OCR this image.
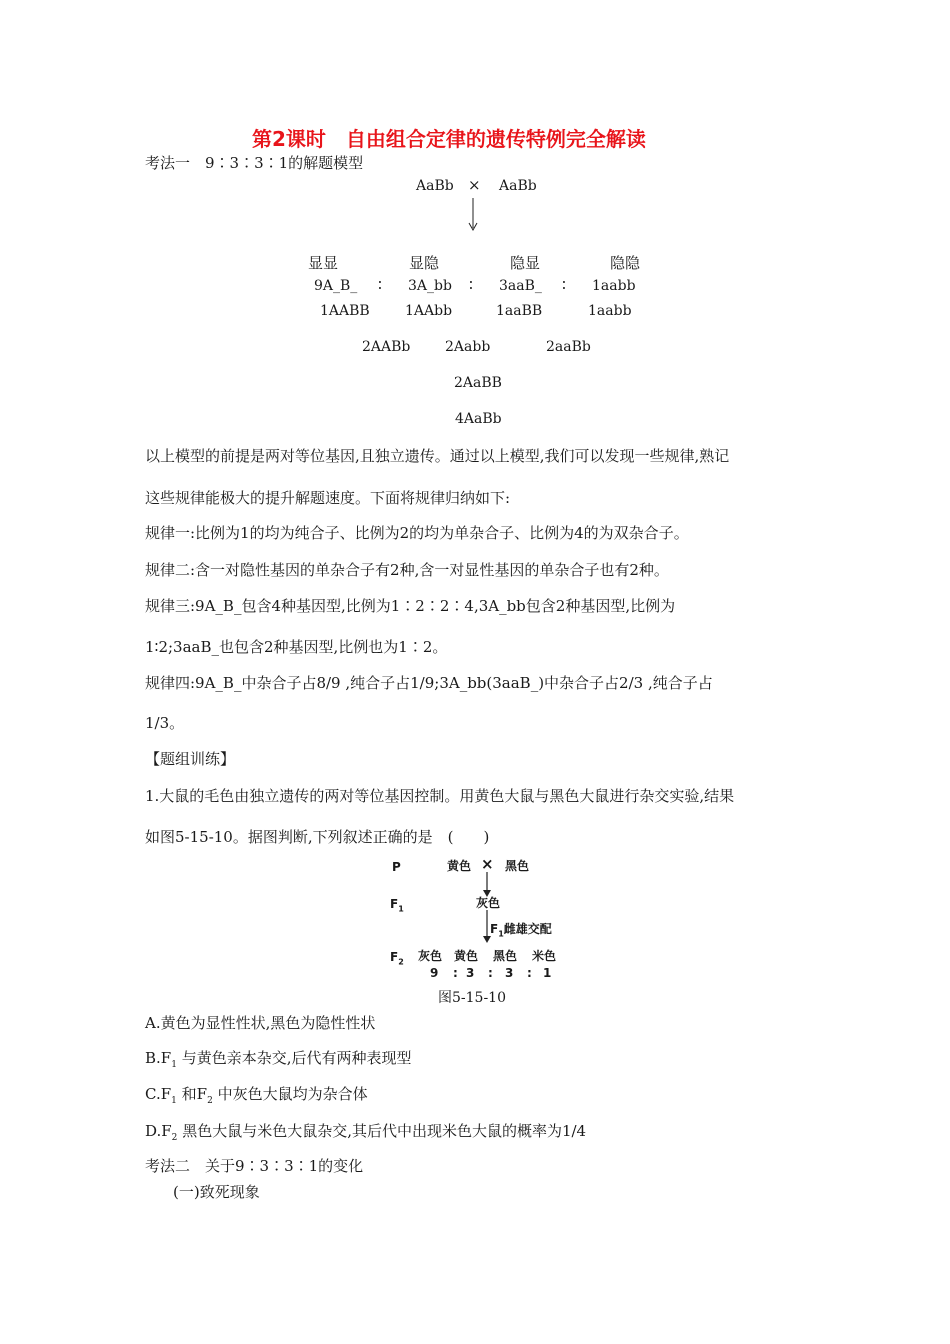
第2课时　自由组合定律的遗传特例完全解读
考法一　9∶3∶3∶1的解题模型
AaBb × AaBb
显显	显隐	隐显	隐隐
9A_B_ ∶ 3A_bb ∶ 3aaB_ ∶ 1aabb
1AABB	1AAbb	1aaBB	1aabb
2AABb 2Aabb	2aaBb
2AaBB
4AaBb
以上模型的前提是两对等位基因,且独立遗传。通过以上模型,我们可以发现一些规律,熟记
这些规律能极大的提升解题速度。下面将规律归纳如下:
规律一:比例为1的均为纯合子、比例为2的均为单杂合子、比例为4的为双杂合子。
规律二:含一对隐性基因的单杂合子有2种,含一对显性基因的单杂合子也有2种。
规律三:9A_B_包含4种基因型,比例为1∶2∶2∶4,3A_bb包含2种基因型,比例为
1∶2;3aaB_也包含2种基因型,比例也为1∶2。
规律四:9A_B_中杂合子占8/9 ,纯合子占1/9;3A_bb(3aaB_)中杂合子占2/3 ,纯合子占
1/3。
【题组训练】
1.大鼠的毛色由独立遗传的两对等位基因控制。用黄色大鼠与黑色大鼠进行杂交实验,结果
如图5-15-10。据图判断,下列叙述正确的是　(　　)
P	黄色 × 黑色
$F_1$	灰色
$F_1$雌雄交配
$F_2$ 灰色 黄色 黑色 米色
9 : 3 : 3 : 1
图5-15-10
A.黄色为显性性状,黑色为隐性性状
$B.F_1$ 与黄色亲本杂交,后代有两种表现型
$C.F_1$ 和$F_2$ 中灰色大鼠均为杂合体
$D.F_2$ 黑色大鼠与米色大鼠杂交,其后代中出现米色大鼠的概率为1/4
考法二　关于9∶3∶3∶1的变化
(一)致死现象
